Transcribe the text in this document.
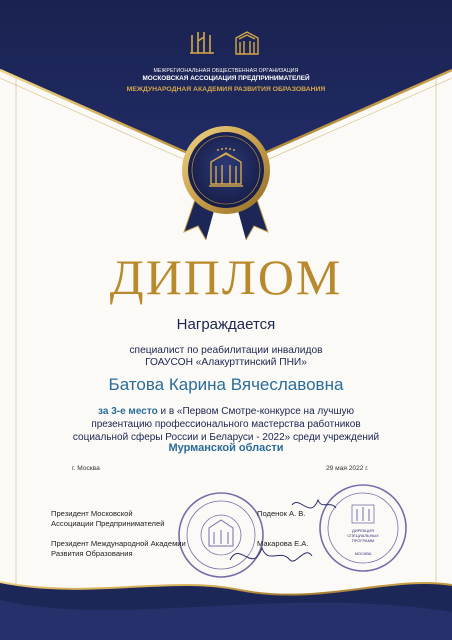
МЕЖРЕГИОНАЛЬНАЯ ОБЩЕСТВЕННАЯ ОРГАНИЗАЦИЯ
МОСКОВСКАЯ АССОЦИАЦИЯ ПРЕДПРИНИМАТЕЛЕЙ
МЕЖДУНАРОДНАЯ АКАДЕМИЯ РАЗВИТИЯ ОБРАЗОВАНИЯ
ДИПЛОМ
Награждается
специалист по реабилитации инвалидов
ГОАУСОН «Алакурттинский ПНИ»
Батова Карина Вячеславовна
за 3-е место и в «Первом Смотре-конкурсе на лучшую
презентацию профессионального мастерства работников
социальной сферы России и Беларуси - 2022» среди учреждений
Мурманской области
г. Москва	29 мая 2022 г.
Президент Московской
Ассоциации Предпринимателей
Поденок А. В.
Президент Международной Академии
Развития Образования
Макарова Е.А.
ДИРЕКЦИЯ СПЕЦИАЛЬНЫХ ПРОГРАММ
МОСКВА
